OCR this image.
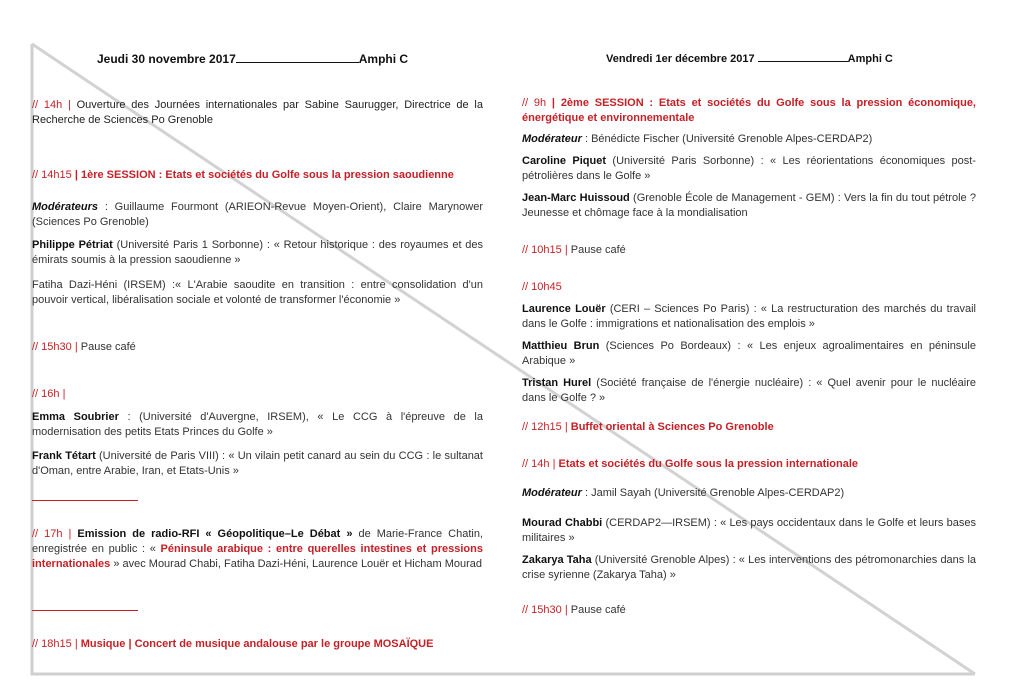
Jeudi 30 novembre 2017	Amphi C

// 14h | Ouverture des Journées internationales par Sabine Saurugger, Directrice de la Recherche de Sciences Po Grenoble

// 14h15 | 1ère SESSION : Etats et sociétés du Golfe sous la pression saoudienne

Modérateurs : Guillaume Fourmont (ARIEON-Revue Moyen-Orient), Claire Marynower (Sciences Po Grenoble)

Philippe Pétriat (Université Paris 1 Sorbonne) : « Retour historique : des royaumes et des émirats soumis à la pression saoudienne »

Fatiha Dazi-Héni (IRSEM) :« L'Arabie saoudite en transition : entre consolidation d'un pouvoir vertical, libéralisation sociale et volonté de transformer l'économie »

// 15h30 | Pause café

// 16h |

Emma Soubrier : (Université d'Auvergne, IRSEM), « Le CCG à l'épreuve de la modernisation des petits Etats Princes du Golfe »

Frank Tétart (Université de Paris VIII) : « Un vilain petit canard au sein du CCG : le sultanat d'Oman, entre Arabie, Iran, et Etats-Unis »

// 17h | Emission de radio-RFI « Géopolitique–Le Débat » de Marie-France Chatin, enregistrée en public : « Péninsule arabique : entre querelles intestines et pressions internationales » avec Mourad Chabi, Fatiha Dazi-Héni, Laurence Louër et Hicham Mourad

// 18h15 | Musique | Concert de musique andalouse par le groupe MOSAÏQUE

Vendredi 1er décembre 2017	Amphi C

// 9h | 2ème SESSION : Etats et sociétés du Golfe sous la pression économique, énergétique et environnementale

Modérateur : Bénédicte Fischer (Université Grenoble Alpes-CERDAP2)

Caroline Piquet (Université Paris Sorbonne) : « Les réorientations économiques post-pétrolières dans le Golfe »

Jean-Marc Huissoud (Grenoble École de Management - GEM) : Vers la fin du tout pétrole ? Jeunesse et chômage face à la mondialisation

// 10h15 | Pause café

// 10h45

Laurence Louër (CERI – Sciences Po Paris) : « La restructuration des marchés du travail dans le Golfe : immigrations et nationalisation des emplois »

Matthieu Brun (Sciences Po Bordeaux) : « Les enjeux agroalimentaires en péninsule Arabique »

Tristan Hurel (Société française de l'énergie nucléaire) : « Quel avenir pour le nucléaire dans le Golfe ? »

// 12h15 | Buffet oriental à Sciences Po Grenoble

// 14h | Etats et sociétés du Golfe sous la pression internationale

Modérateur : Jamil Sayah (Université Grenoble Alpes-CERDAP2)

Mourad Chabbi (CERDAP2—IRSEM) : « Les pays occidentaux dans le Golfe et leurs bases militaires »

Zakarya Taha (Université Grenoble Alpes) : « Les interventions des pétromonarchies dans la crise syrienne (Zakarya Taha) »

// 15h30 | Pause café
